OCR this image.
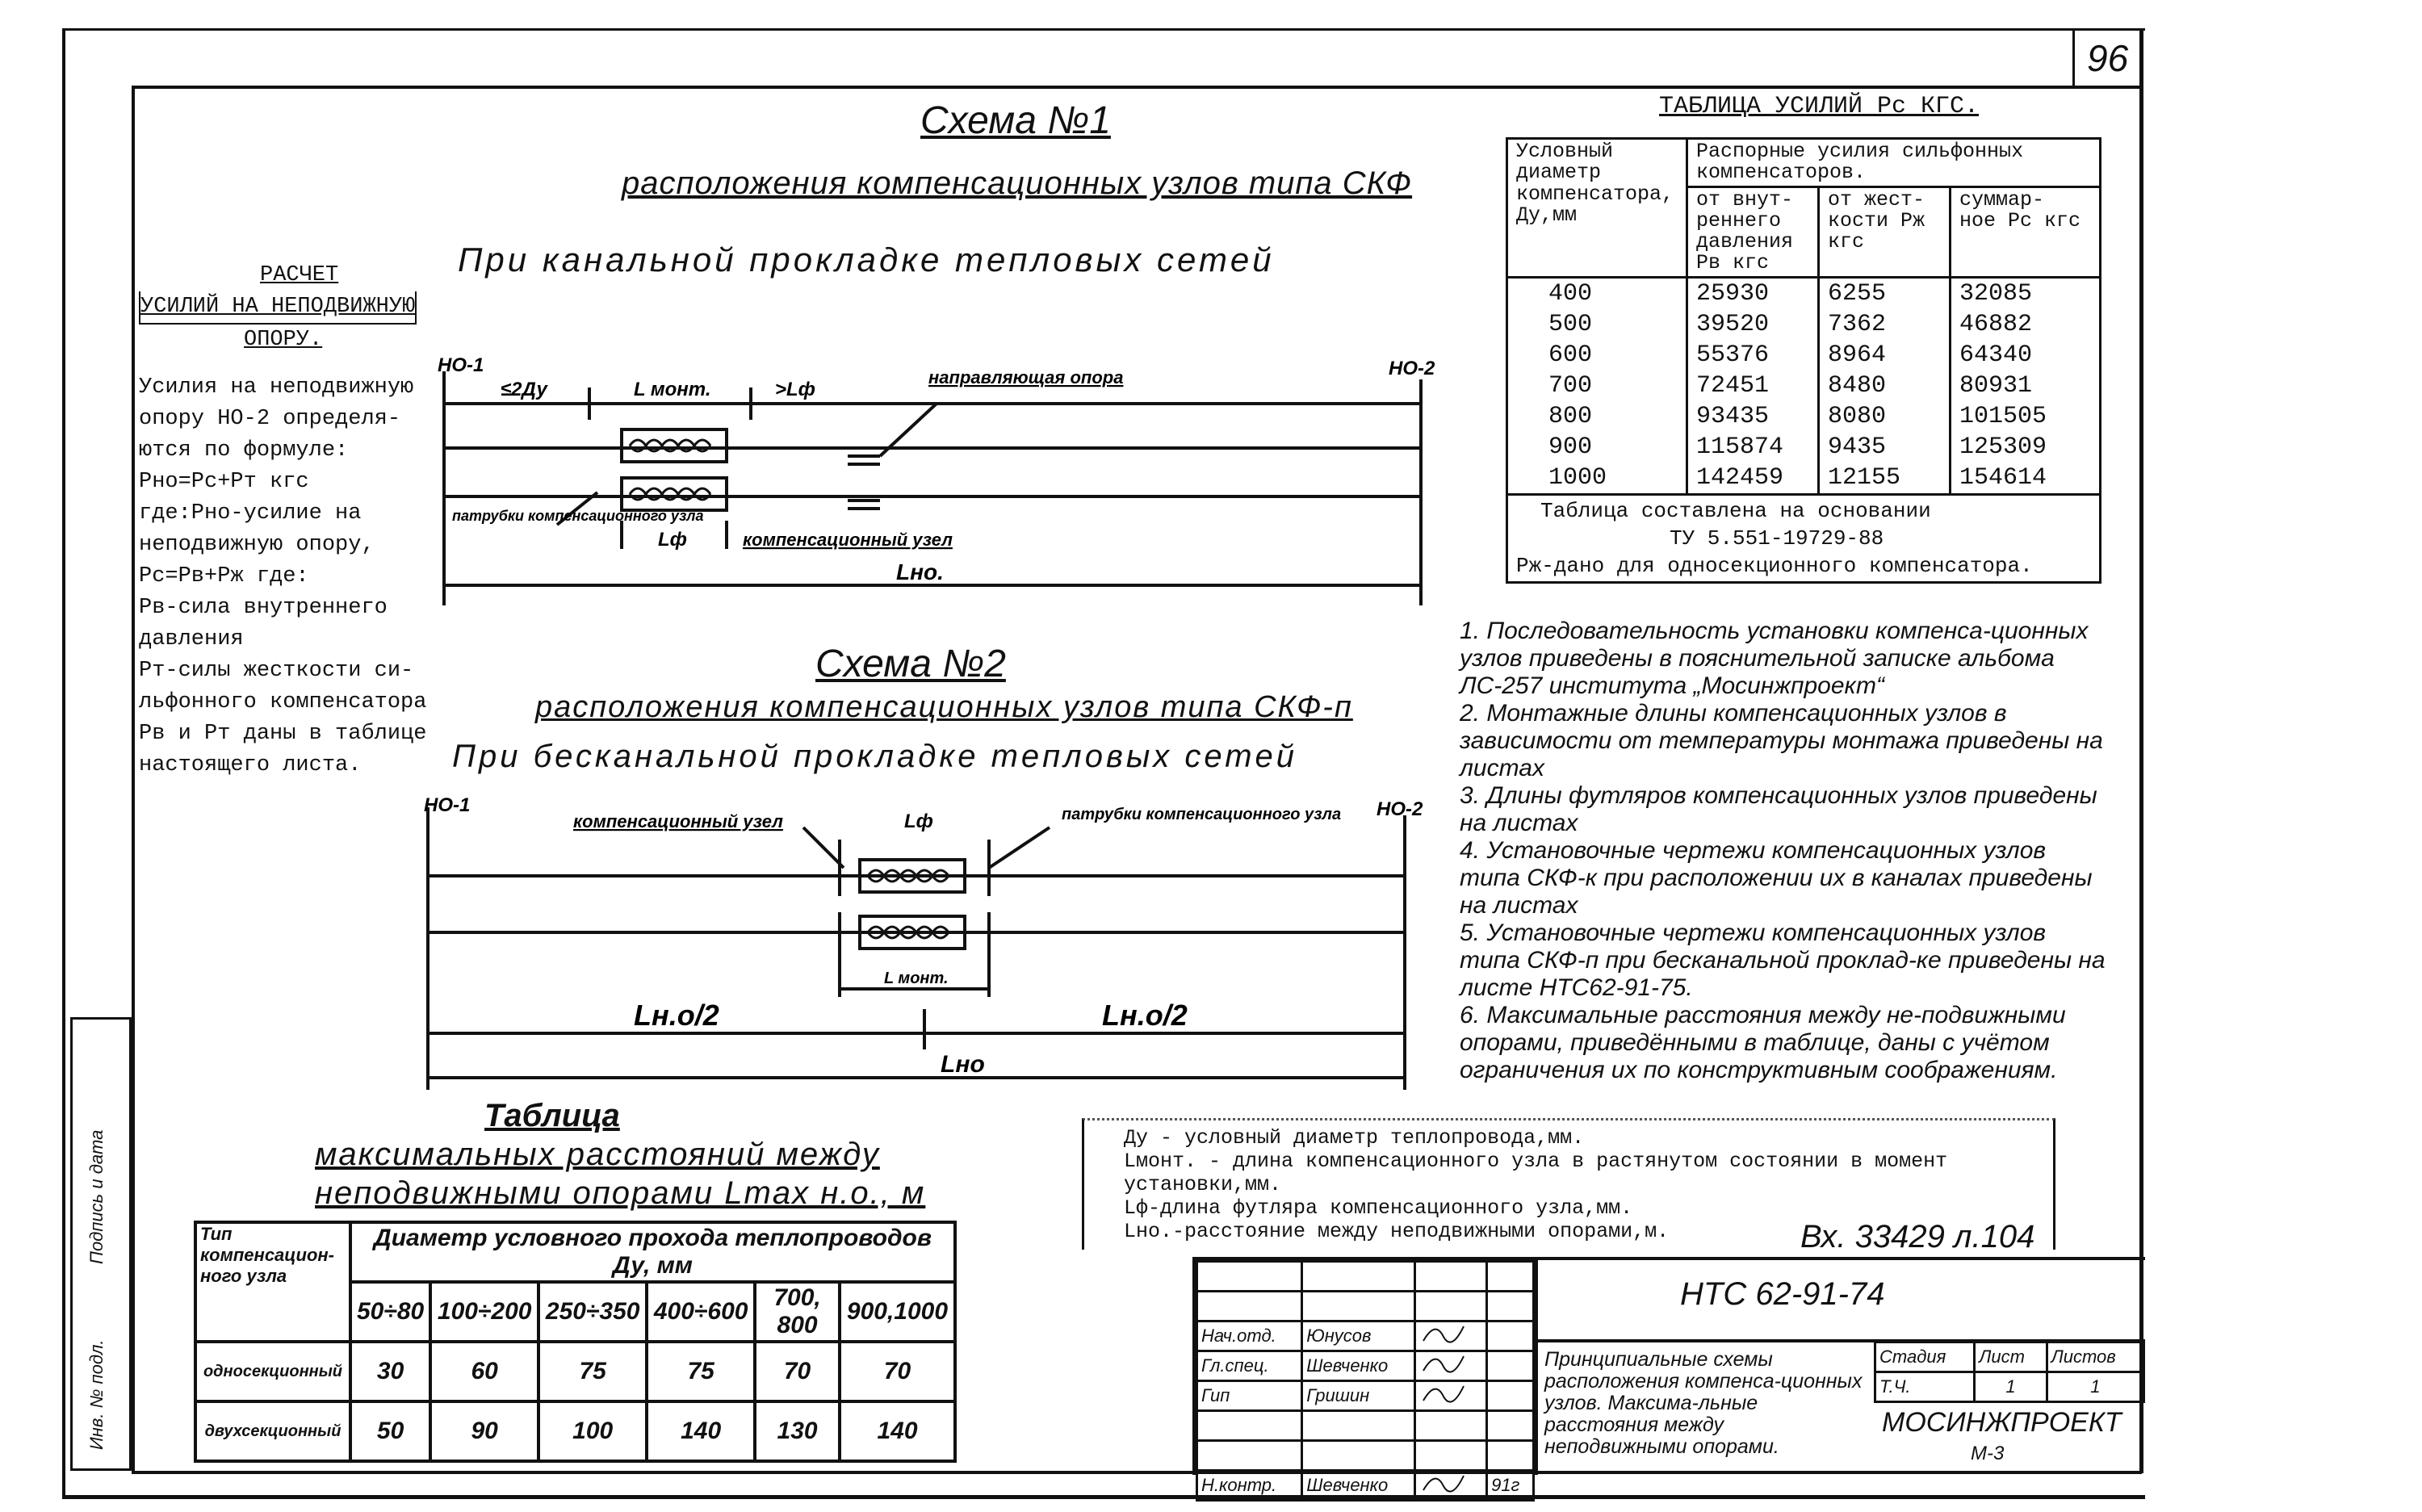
96
Инв. № подл.
Подпись и дата
Схема №1
расположения компенсационных узлов типа СКФ
При канальной прокладке тепловых сетей
РАСЧЕТ
УСИЛИЙ НА НЕПОДВИЖНУЮ
ОПОРУ.
Усилия на неподвижную
опору НО-2 определя-
ются по формуле:
Рно=Рс+Рт кгс
где:Рно-усилие на
неподвижную опору,
Рс=Рв+Рж где:
Рв-сила внутреннего
давления
Рт-силы жесткости си-
льфонного компенсатора
Рв и Рт даны в таблице
настоящего листа.
НО-1	НО-2
≤2Ду	L монт.	>Lф
направляющая опора
патрубки компенсационного узла
Lф	компенсационный узел
Lно.
Схема №2
расположения компенсационных узлов типа СКФ-п
При бесканальной прокладке тепловых сетей
НО-1	НО-2
компенсационный узел	Lф	патрубки компенсационного узла
L монт.
Lн.о/2	Lн.о/2
Lно
ТАБЛИЦА УСИЛИЙ Рс КГС.
Условный диаметр компенсатора, Ду,мм	Распорные усилия сильфонных компенсаторов.		
	от внут- реннего давления Рв кгс	от жест- кости Рж кгс	суммар- ное Рс кгс
400	25930	6255	32085
500	39520	7362	46882
600	55376	8964	64340
700	72451	8480	80931
800	93435	8080	101505
900	115874	9435	125309
1000	142459	12155	154614

Таблица составлена на основании
ТУ 5.551-19729-88
Рж-дано для односекционного компенсатора.			
1. Последовательность установки компенса-ционных узлов приведены в пояснительной записке альбома ЛС-257 института „Мосинжпроект“
2. Монтажные длины компенсационных узлов в зависимости от температуры монтажа приведены на листах
3. Длины футляров компенсационных узлов приведены на листах
4. Установочные чертежи компенсационных узлов типа СКФ-к при расположении их в каналах приведены на листах
5. Установочные чертежи компенсационных узлов типа СКФ-п при бесканальной проклад-ке приведены на листе НТС62-91-75.
6. Максимальные расстояния между не-подвижными опорами, приведёнными в таблице, даны с учётом ограничения их по конструктивным соображениям.
Ду - условный диаметр теплопровода,мм.
Lмонт. - длина компенсационного узла в растянутом состоянии в момент установки,мм.
Lф-длина футляра компенсационного узла,мм.
Lно.-расстояние между неподвижными опорами,м.	Вх. 33429 л.104
Таблица
максимальных расстояний между
неподвижными опорами Lmax н.о., м
Тип компенсацион-ного узла	Диаметр условного прохода теплопроводов Ду, мм					
	50÷80	100÷200	250÷350	400÷600	700, 800	900,1000
односекционный	30	60	75	75	70	70
двухсекционный	50	90	100	140	130	140

Нач.отд.	Юнусов		
Гл.спец.	Шевченко		
Гип	Гришин		

Н.контр.	Шевченко		91г
НТС 62-91-74
Принципиальные схемы расположения компенса-ционных узлов. Максима-льные расстояния между неподвижными опорами.
Стадия	Лист	Листов
Т.Ч.	1	1
МОСИНЖПРОЕКТ
М-3
